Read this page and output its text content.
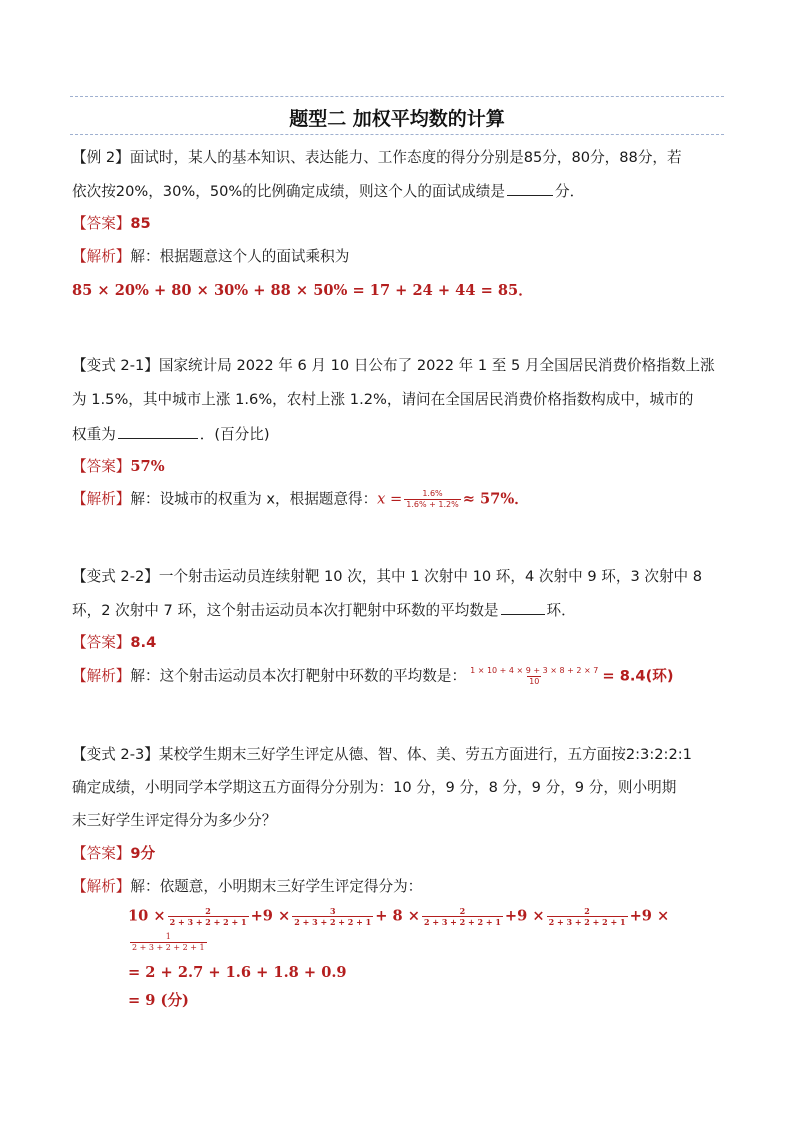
题型二 加权平均数的计算
【例 2】面试时，某人的基本知识、表达能力、工作态度的得分分别是85分，80分，88分，若
依次按20%，30%，50%的比例确定成绩，则这个人的面试成绩是	分．
【答案】85
【解析】解：根据题意这个人的面试乘积为
85 × 20% + 80 × 30% + 88 × 50% = 17 + 24 + 44 = 85．
【变式 2-1】国家统计局 2022 年 6 月 10 日公布了 2022 年 1 至 5 月全国居民消费价格指数上涨
为 1.5%，其中城市上涨 1.6%，农村上涨 1.2%，请问在全国居民消费价格指数构成中，城市的
权重为	．(百分比)
【答案】57%
【解析】解：设城市的权重为 x，根据题意得：$x = \frac{1.6\%}{1.6\% + 1.2\%} \approx 57\%$．
【变式 2-2】一个射击运动员连续射靶 10 次，其中 1 次射中 10 环，4 次射中 9 环，3 次射中 8
环，2 次射中 7 环，这个射击运动员本次打靶射中环数的平均数是	环．
【答案】8.4
【解析】解：这个射击运动员本次打靶射中环数的平均数是： $\frac{1 \times 10 + 4 \times 9 + 3 \times 8 + 2 \times 7}{10} = 8.4$(环)
【变式 2-3】某校学生期末三好学生评定从德、智、体、美、劳五方面进行，五方面按2:3:2:2:1
确定成绩，小明同学本学期这五方面得分分别为：10 分，9 分，8 分，9 分，9 分，则小明期
末三好学生评定得分为多少分？
【答案】9分
【解析】解：依题意，小明期末三好学生评定得分为：
$10 \times \frac{2}{2 + 3 + 2 + 2 + 1} +9 \times \frac{3}{2 + 3 + 2 + 2 + 1} + 8 \times \frac{2}{2 + 3 + 2 + 2 + 1} +9 \times \frac{2}{2 + 3 + 2 + 2 + 1} +9$ ×
$\frac{1}{2 + 3 + 2 + 2 + 1}$
= 2 + 2.7 + 1.6 + 1.8 + 0.9
= 9 (分)
